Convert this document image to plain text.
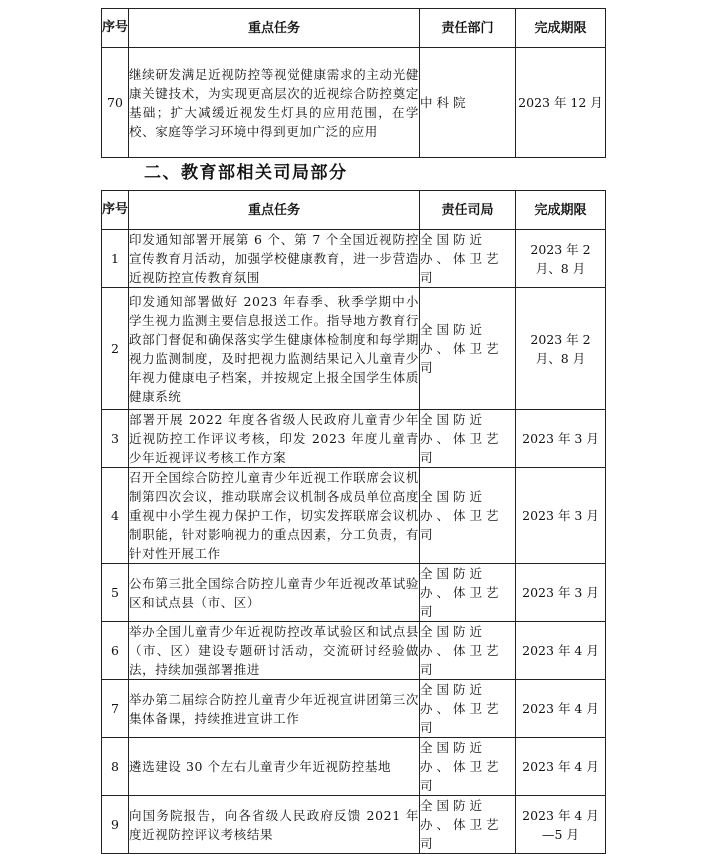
序号	重点任务	责任部门	完成期限
70	继续研发满足近视防控等视觉健康需求的主动光健康关键技术，为实现更高层次的近视综合防控奠定基础；扩大减缓近视发生灯具的应用范围，在学校、家庭等学习环境中得到更加广泛的应用	中科院	2023 年 12 月
二、教育部相关司局部分
序号	重点任务	责任司局	完成期限
1	印发通知部署开展第 6 个、第 7 个全国近视防控宣传教育月活动，加强学校健康教育，进一步营造近视防控宣传教育氛围	全国防近办、体卫艺司	2023 年 2 月、8 月
2	印发通知部署做好 2023 年春季、秋季学期中小学生视力监测主要信息报送工作。指导地方教育行政部门督促和确保落实学生健康体检制度和每学期视力监测制度，及时把视力监测结果记入儿童青少年视力健康电子档案，并按规定上报全国学生体质健康系统	全国防近办、体卫艺司	2023 年 2 月、8 月
3	部署开展 2022 年度各省级人民政府儿童青少年近视防控工作评议考核，印发 2023 年度儿童青少年近视评议考核工作方案	全国防近办、体卫艺司	2023 年 3 月
4	召开全国综合防控儿童青少年近视工作联席会议机制第四次会议，推动联席会议机制各成员单位高度重视中小学生视力保护工作，切实发挥联席会议机制职能，针对影响视力的重点因素，分工负责，有针对性开展工作	全国防近办、体卫艺司	2023 年 3 月
5	公布第三批全国综合防控儿童青少年近视改革试验区和试点县（市、区）	全国防近办、体卫艺司	2023 年 3 月
6	举办全国儿童青少年近视防控改革试验区和试点县（市、区）建设专题研讨活动，交流研讨经验做法，持续加强部署推进	全国防近办、体卫艺司	2023 年 4 月
7	举办第二届综合防控儿童青少年近视宣讲团第三次集体备课，持续推进宣讲工作	全国防近办、体卫艺司	2023 年 4 月
8	遴选建设 30 个左右儿童青少年近视防控基地	全国防近办、体卫艺司	2023 年 4 月
9	向国务院报告，向各省级人民政府反馈 2021 年度近视防控评议考核结果	全国防近办、体卫艺司	2023 年 4 月—5 月
